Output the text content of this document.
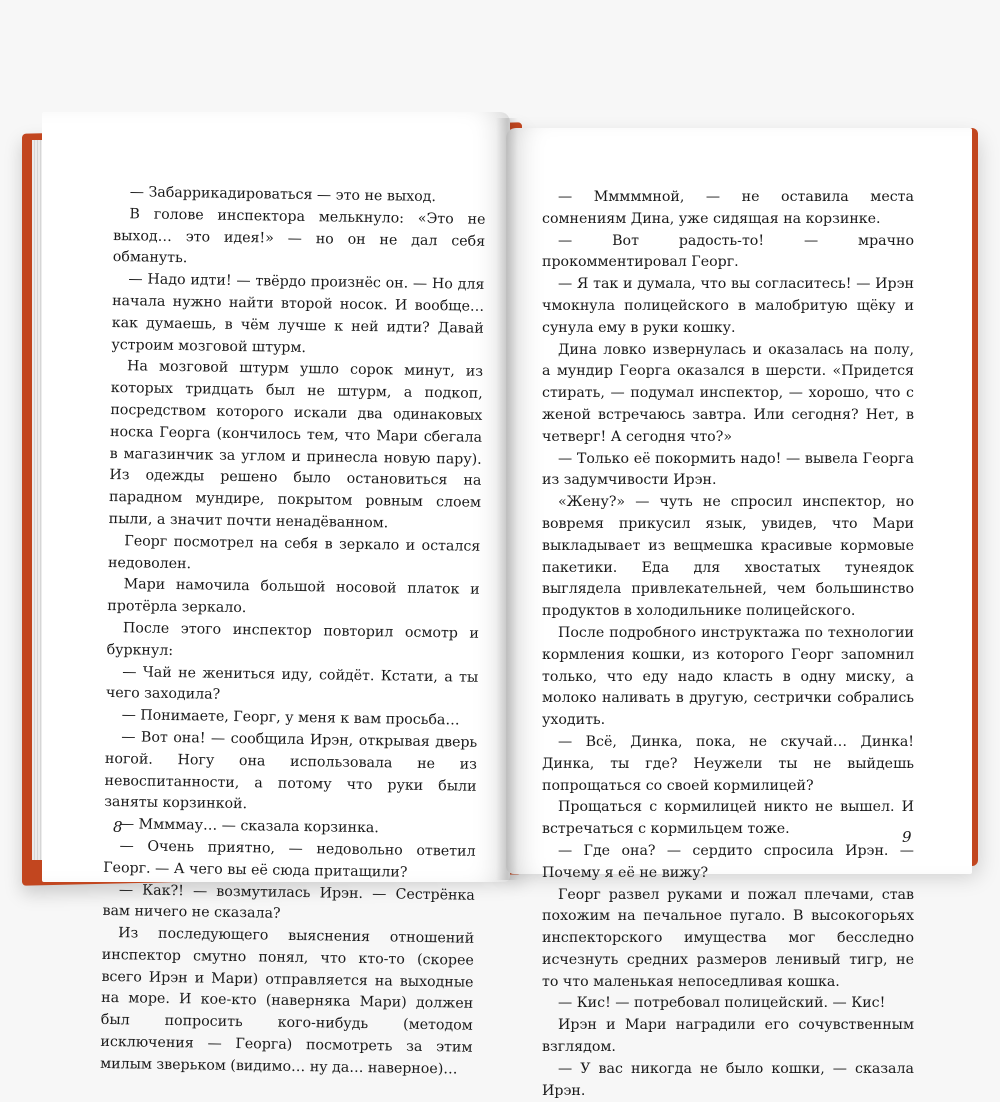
— Забаррикадироваться — это не выход.

В голове инспектора мелькнуло: «Это не выход… это идея!» — но он не дал себя обмануть.

— Надо идти! — твёрдо произнёс он. — Но для начала нужно найти второй носок. И вообще… как думаешь, в чём лучше к ней идти? Давай устроим мозговой штурм.

На мозговой штурм ушло сорок минут, из которых тридцать был не штурм, а подкоп, посредством которого искали два одинаковых носка Георга (кончилось тем, что Мари сбегала в магазинчик за углом и принесла новую пару). Из одежды решено было остановиться на парадном мундире, покрытом ровным слоем пыли, а значит почти ненадёванном.

Георг посмотрел на себя в зеркало и остался недоволен.

Мари намочила большой носовой платок и протёрла зеркало.

После этого инспектор повторил осмотр и буркнул:

— Чай не жениться иду, сойдёт. Кстати, а ты чего заходила?

— Понимаете, Георг, у меня к вам просьба…

— Вот она! — сообщила Ирэн, открывая дверь ногой. Ногу она использовала не из невоспитанности, а потому что руки были заняты корзинкой.

— Ммммау… — сказала корзинка.

— Очень приятно, — недовольно ответил Георг. — А чего вы её сюда притащили?

— Как?! — возмутилась Ирэн. — Сестрёнка вам ничего не сказала?

Из последующего выяснения отношений инспектор смутно понял, что кто-то (скорее всего Ирэн и Мари) отправляется на выходные на море. И кое-кто (наверняка Мари) должен был попросить кого-нибудь (методом исключения — Георга) посмотреть за этим милым зверьком (видимо… ну да… наверное)…

8

— Мммммной, — не оставила места сомнениям Дина, уже сидящая на корзинке.

— Вот радость-то! — мрачно прокомментировал Георг.

— Я так и думала, что вы согласитесь! — Ирэн чмокнула полицейского в малобритую щёку и сунула ему в руки кошку.

Дина ловко извернулась и оказалась на полу, а мундир Георга оказался в шерсти. «Придется стирать, — подумал инспектор, — хорошо, что с женой встречаюсь завтра. Или сегодня? Нет, в четверг! А сегодня что?»

— Только её покормить надо! — вывела Георга из задумчивости Ирэн.

«Жену?» — чуть не спросил инспектор, но вовремя прикусил язык, увидев, что Мари выкладывает из вещмешка красивые кормовые пакетики. Еда для хвостатых тунеядок выглядела привлекательней, чем большинство продуктов в холодильнике полицейского.

После подробного инструктажа по технологии кормления кошки, из которого Георг запомнил только, что еду надо класть в одну миску, а молоко наливать в другую, сестрички собрались уходить.

— Всё, Динка, пока, не скучай… Динка! Динка, ты где? Неужели ты не выйдешь попрощаться со своей кормилицей?

Прощаться с кормилицей никто не вышел. И встречаться с кормильцем тоже.

— Где она? — сердито спросила Ирэн. — Почему я её не вижу?

Георг развел руками и пожал плечами, став похожим на печальное пугало. В высокогорьях инспекторского имущества мог бесследно исчезнуть средних размеров ленивый тигр, не то что маленькая непоседливая кошка.

— Кис! — потребовал полицейский. — Кис!

Ирэн и Мари наградили его сочувственным взглядом.

— У вас никогда не было кошки, — сказала Ирэн.

9
